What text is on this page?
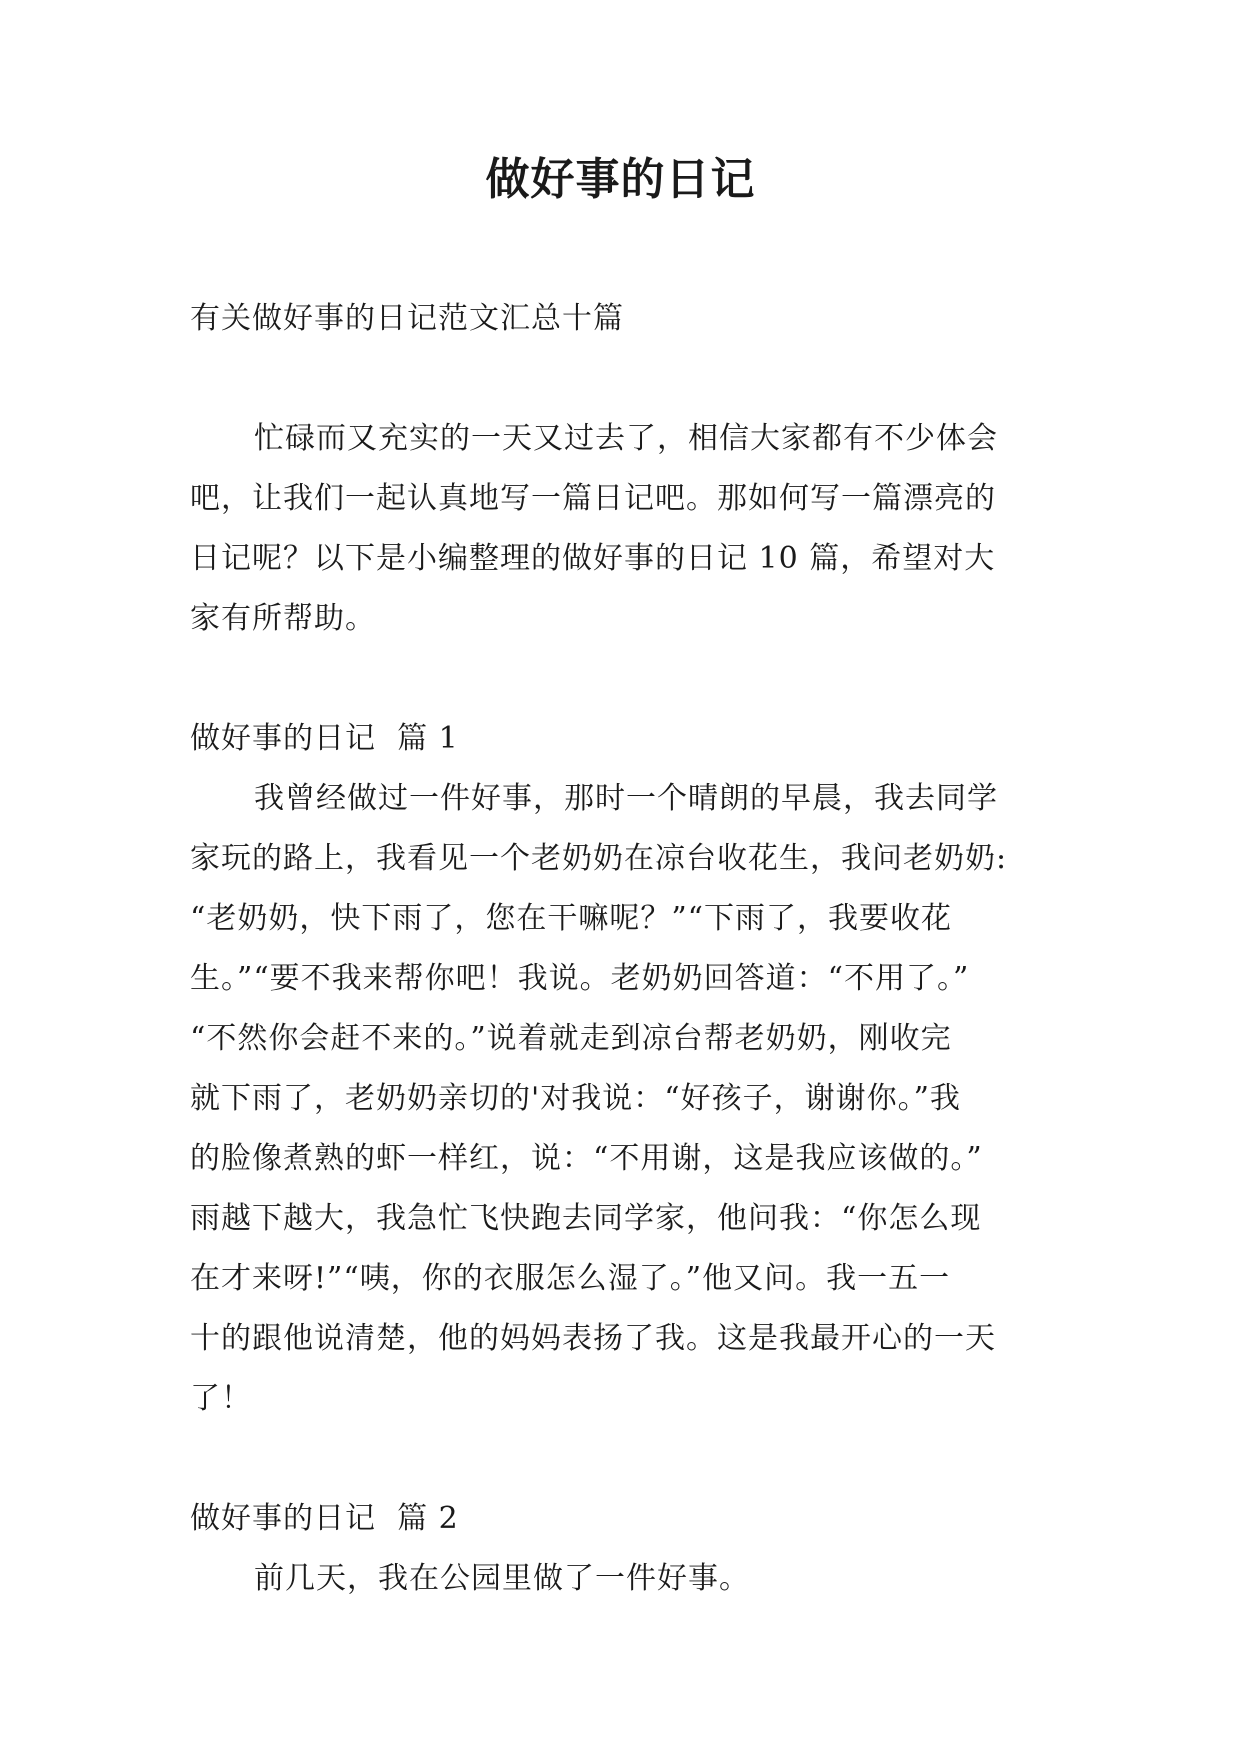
做好事的日记
有关做好事的日记范文汇总十篇
忙碌而又充实的一天又过去了，相信大家都有不少体会
吧，让我们一起认真地写一篇日记吧。那如何写一篇漂亮的
日记呢？以下是小编整理的做好事的日记 10 篇，希望对大
家有所帮助。
做好事的日记  篇 1
我曾经做过一件好事，那时一个晴朗的早晨，我去同学
家玩的路上，我看见一个老奶奶在凉台收花生，我问老奶奶:
“老奶奶，快下雨了，您在干嘛呢？”“下雨了，我要收花
生。”“要不我来帮你吧！我说。老奶奶回答道：“不用了。”
“不然你会赶不来的。”说着就走到凉台帮老奶奶，刚收完
就下雨了，老奶奶亲切的'对我说：“好孩子，谢谢你。”我
的脸像煮熟的虾一样红，说：“不用谢，这是我应该做的。”
雨越下越大，我急忙飞快跑去同学家，他问我：“你怎么现
在才来呀!”“咦，你的衣服怎么湿了。”他又问。我一五一
十的跟他说清楚，他的妈妈表扬了我。这是我最开心的一天
了！
做好事的日记  篇 2
前几天，我在公园里做了一件好事。
